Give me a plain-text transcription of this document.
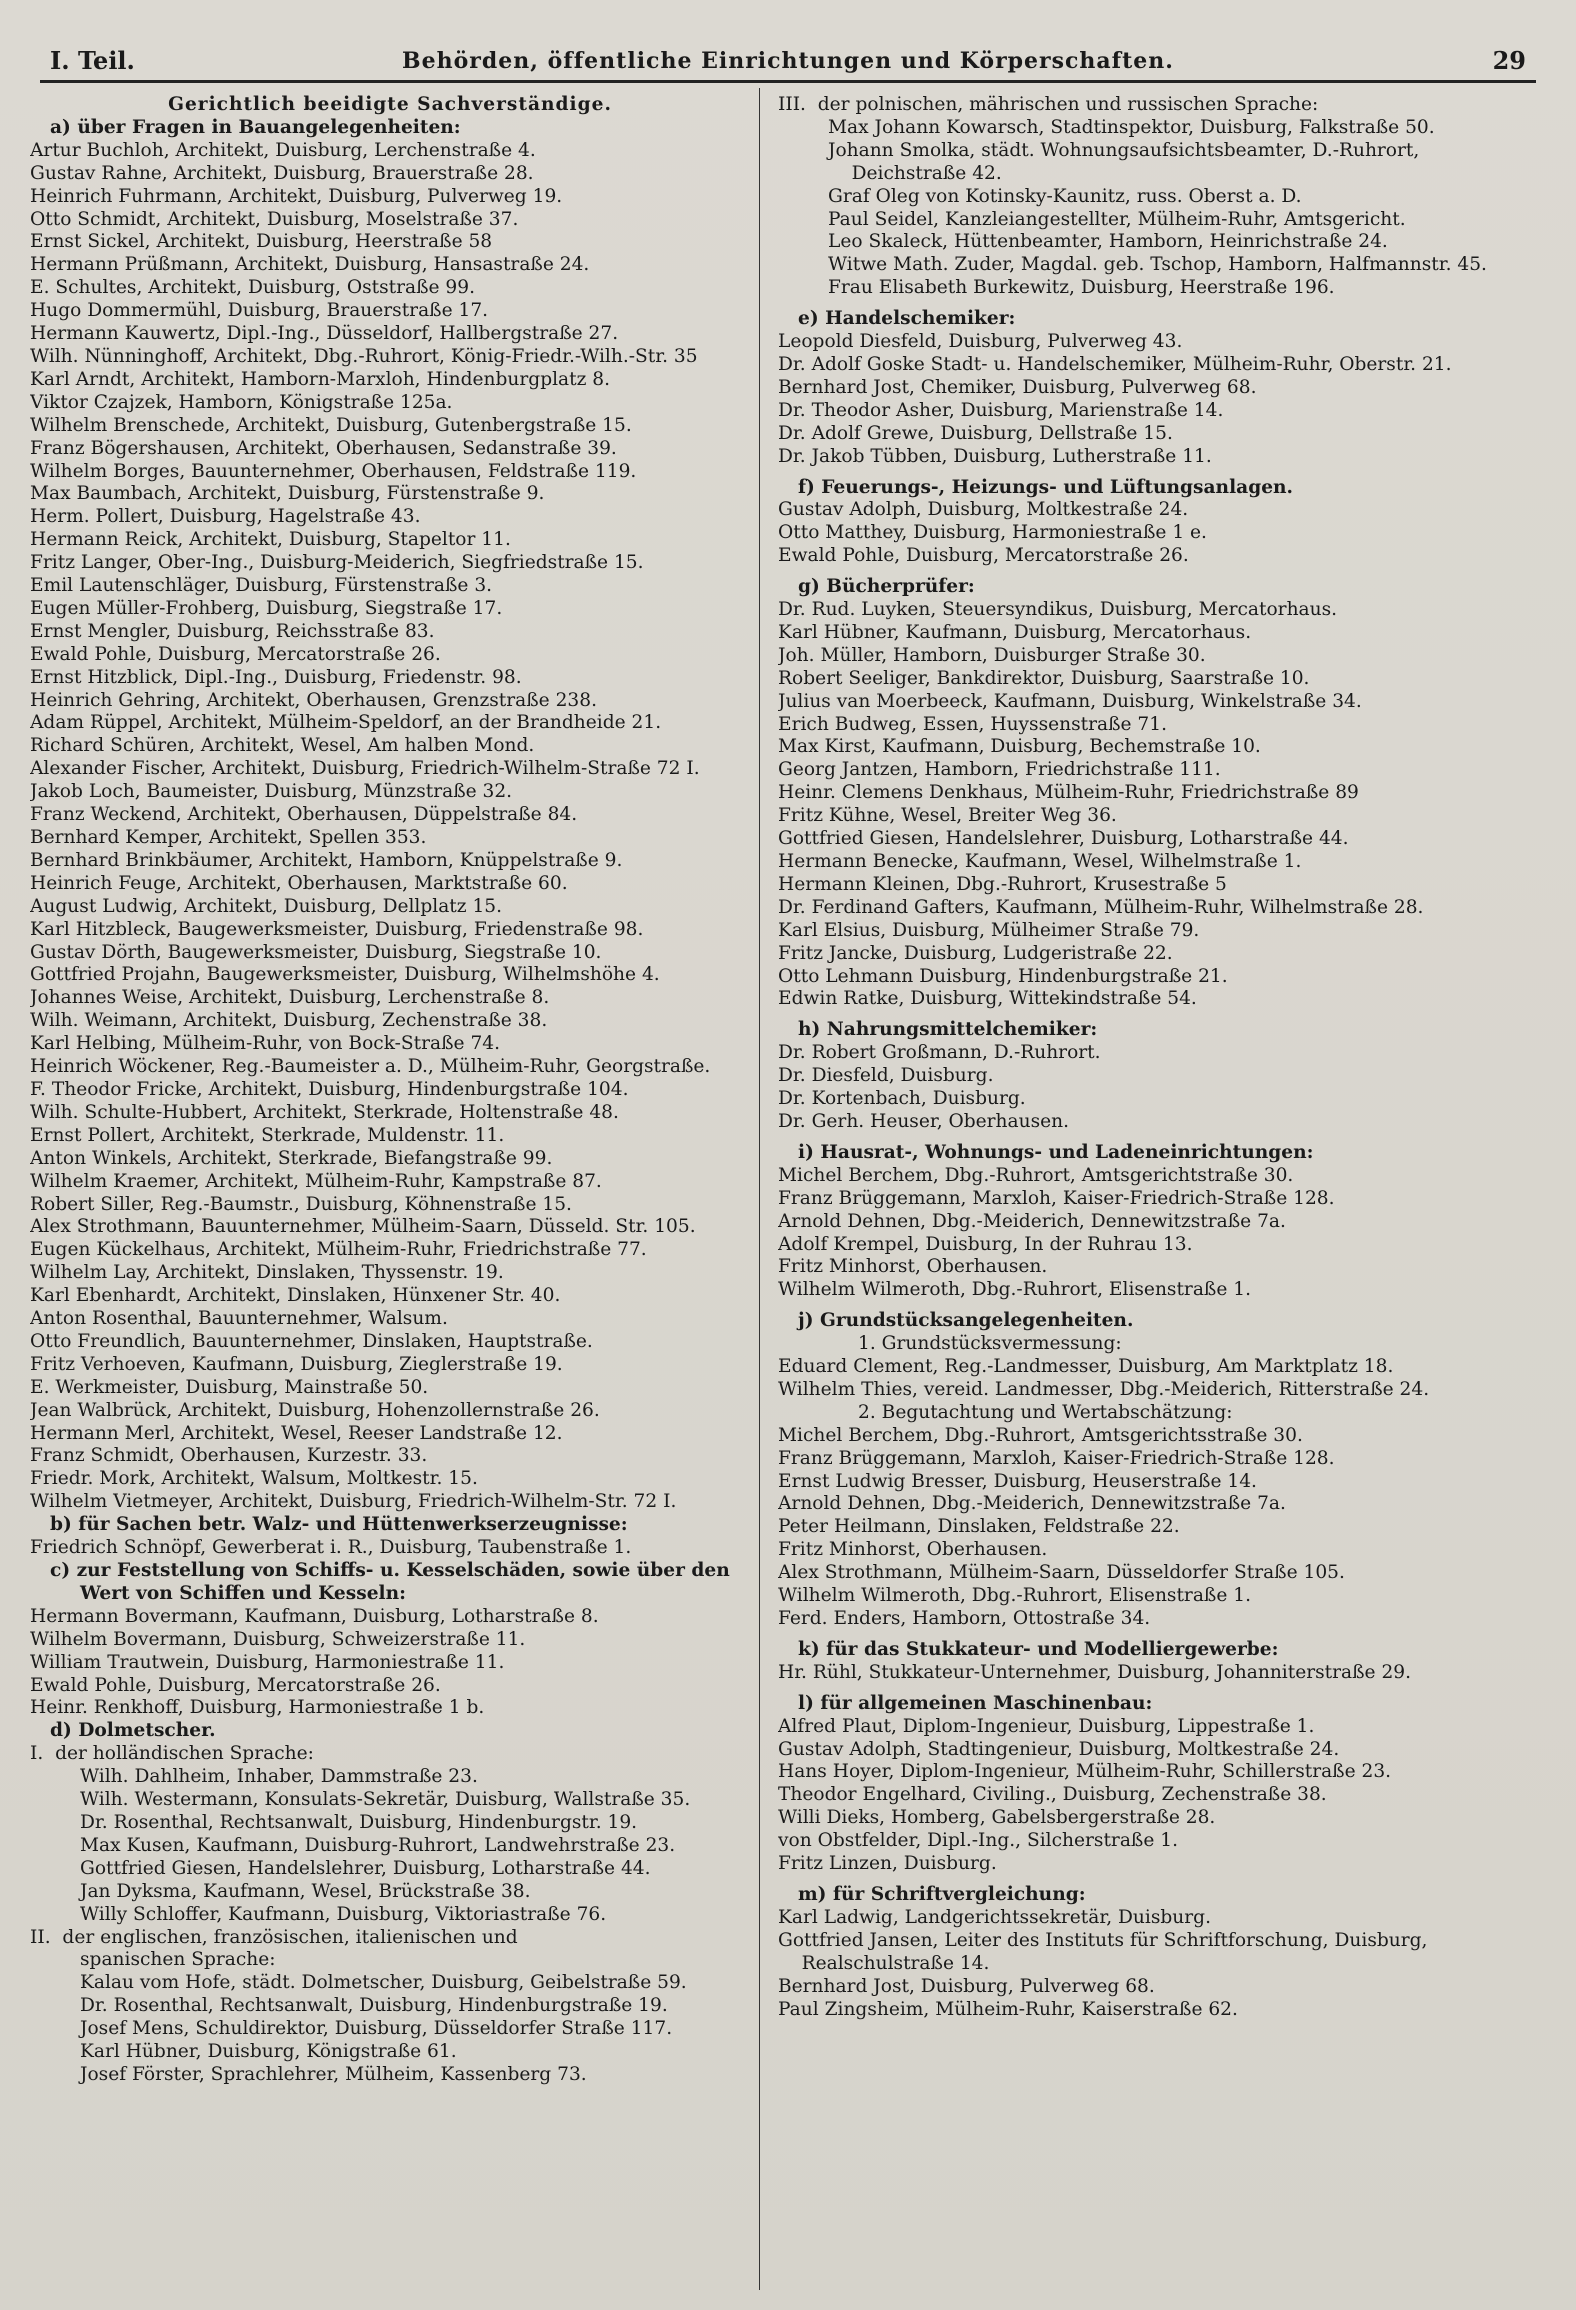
I. Teil.	Behörden, öffentliche Einrichtungen und Körperschaften.	29
Gerichtlich beeidigte Sachverständige.
a) über Fragen in Bauangelegenheiten:
Artur Buchloh, Architekt, Duisburg, Lerchenstraße 4.
Gustav Rahne, Architekt, Duisburg, Brauerstraße 28.
Heinrich Fuhrmann, Architekt, Duisburg, Pulverweg 19.
Otto Schmidt, Architekt, Duisburg, Moselstraße 37.
Ernst Sickel, Architekt, Duisburg, Heerstraße 58
Hermann Prüßmann, Architekt, Duisburg, Hansastraße 24.
E. Schultes, Architekt, Duisburg, Oststraße 99.
Hugo Dommermühl, Duisburg, Brauerstraße 17.
Hermann Kauwertz, Dipl.-Ing., Düsseldorf, Hallbergstraße 27.
Wilh. Nünninghoff, Architekt, Dbg.-Ruhrort, König-Friedr.-Wilh.-Str. 35
Karl Arndt, Architekt, Hamborn-Marxloh, Hindenburgplatz 8.
Viktor Czajzek, Hamborn, Königstraße 125a.
Wilhelm Brenschede, Architekt, Duisburg, Gutenbergstraße 15.
Franz Bögershausen, Architekt, Oberhausen, Sedanstraße 39.
Wilhelm Borges, Bauunternehmer, Oberhausen, Feldstraße 119.
Max Baumbach, Architekt, Duisburg, Fürstenstraße 9.
Herm. Pollert, Duisburg, Hagelstraße 43.
Hermann Reick, Architekt, Duisburg, Stapeltor 11.
Fritz Langer, Ober-Ing., Duisburg-Meiderich, Siegfriedstraße 15.
Emil Lautenschläger, Duisburg, Fürstenstraße 3.
Eugen Müller-Frohberg, Duisburg, Siegstraße 17.
Ernst Mengler, Duisburg, Reichsstraße 83.
Ewald Pohle, Duisburg, Mercatorstraße 26.
Ernst Hitzblick, Dipl.-Ing., Duisburg, Friedenstr. 98.
Heinrich Gehring, Architekt, Oberhausen, Grenzstraße 238.
Adam Rüppel, Architekt, Mülheim-Speldorf, an der Brandheide 21.
Richard Schüren, Architekt, Wesel, Am halben Mond.
Alexander Fischer, Architekt, Duisburg, Friedrich-Wilhelm-Straße 72 I.
Jakob Loch, Baumeister, Duisburg, Münzstraße 32.
Franz Weckend, Architekt, Oberhausen, Düppelstraße 84.
Bernhard Kemper, Architekt, Spellen 353.
Bernhard Brinkbäumer, Architekt, Hamborn, Knüppelstraße 9.
Heinrich Feuge, Architekt, Oberhausen, Marktstraße 60.
August Ludwig, Architekt, Duisburg, Dellplatz 15.
Karl Hitzbleck, Baugewerksmeister, Duisburg, Friedenstraße 98.
Gustav Dörth, Baugewerksmeister, Duisburg, Siegstraße 10.
Gottfried Projahn, Baugewerksmeister, Duisburg, Wilhelmshöhe 4.
Johannes Weise, Architekt, Duisburg, Lerchenstraße 8.
Wilh. Weimann, Architekt, Duisburg, Zechenstraße 38.
Karl Helbing, Mülheim-Ruhr, von Bock-Straße 74.
Heinrich Wöckener, Reg.-Baumeister a. D., Mülheim-Ruhr, Georgstraße.
F. Theodor Fricke, Architekt, Duisburg, Hindenburgstraße 104.
Wilh. Schulte-Hubbert, Architekt, Sterkrade, Holtenstraße 48.
Ernst Pollert, Architekt, Sterkrade, Muldenstr. 11.
Anton Winkels, Architekt, Sterkrade, Biefangstraße 99.
Wilhelm Kraemer, Architekt, Mülheim-Ruhr, Kampstraße 87.
Robert Siller, Reg.-Baumstr., Duisburg, Köhnenstraße 15.
Alex Strothmann, Bauunternehmer, Mülheim-Saarn, Düsseld. Str. 105.
Eugen Kückelhaus, Architekt, Mülheim-Ruhr, Friedrichstraße 77.
Wilhelm Lay, Architekt, Dinslaken, Thyssenstr. 19.
Karl Ebenhardt, Architekt, Dinslaken, Hünxener Str. 40.
Anton Rosenthal, Bauunternehmer, Walsum.
Otto Freundlich, Bauunternehmer, Dinslaken, Hauptstraße.
Fritz Verhoeven, Kaufmann, Duisburg, Zieglerstraße 19.
E. Werkmeister, Duisburg, Mainstraße 50.
Jean Walbrück, Architekt, Duisburg, Hohenzollernstraße 26.
Hermann Merl, Architekt, Wesel, Reeser Landstraße 12.
Franz Schmidt, Oberhausen, Kurzestr. 33.
Friedr. Mork, Architekt, Walsum, Moltkestr. 15.
Wilhelm Vietmeyer, Architekt, Duisburg, Friedrich-Wilhelm-Str. 72 I.
b) für Sachen betr. Walz- und Hüttenwerkserzeugnisse:
Friedrich Schnöpf, Gewerberat i. R., Duisburg, Taubenstraße 1.
c) zur Feststellung von Schiffs- u. Kesselschäden, sowie über den
Wert von Schiffen und Kesseln:
Hermann Bovermann, Kaufmann, Duisburg, Lotharstraße 8.
Wilhelm Bovermann, Duisburg, Schweizerstraße 11.
William Trautwein, Duisburg, Harmoniestraße 11.
Ewald Pohle, Duisburg, Mercatorstraße 26.
Heinr. Renkhoff, Duisburg, Harmoniestraße 1 b.
d) Dolmetscher.
I.  der holländischen Sprache:
Wilh. Dahlheim, Inhaber, Dammstraße 23.
Wilh. Westermann, Konsulats-Sekretär, Duisburg, Wallstraße 35.
Dr. Rosenthal, Rechtsanwalt, Duisburg, Hindenburgstr. 19.
Max Kusen, Kaufmann, Duisburg-Ruhrort, Landwehrstraße 23.
Gottfried Giesen, Handelslehrer, Duisburg, Lotharstraße 44.
Jan Dyksma, Kaufmann, Wesel, Brückstraße 38.
Willy Schloffer, Kaufmann, Duisburg, Viktoriastraße 76.
II.  der englischen, französischen, italienischen und
spanischen Sprache:
Kalau vom Hofe, städt. Dolmetscher, Duisburg, Geibelstraße 59.
Dr. Rosenthal, Rechtsanwalt, Duisburg, Hindenburgstraße 19.
Josef Mens, Schuldirektor, Duisburg, Düsseldorfer Straße 117.
Karl Hübner, Duisburg, Königstraße 61.
Josef Förster, Sprachlehrer, Mülheim, Kassenberg 73.
III.  der polnischen, mährischen und russischen Sprache:
Max Johann Kowarsch, Stadtinspektor, Duisburg, Falkstraße 50.
Johann Smolka, städt. Wohnungsaufsichtsbeamter, D.-Ruhrort,
Deichstraße 42.
Graf Oleg von Kotinsky-Kaunitz, russ. Oberst a. D.
Paul Seidel, Kanzleiangestellter, Mülheim-Ruhr, Amtsgericht.
Leo Skaleck, Hüttenbeamter, Hamborn, Heinrichstraße 24.
Witwe Math. Zuder, Magdal. geb. Tschop, Hamborn, Halfmannstr. 45.
Frau Elisabeth Burkewitz, Duisburg, Heerstraße 196.
e) Handelschemiker:
Leopold Diesfeld, Duisburg, Pulverweg 43.
Dr. Adolf Goske Stadt- u. Handelschemiker, Mülheim-Ruhr, Oberstr. 21.
Bernhard Jost, Chemiker, Duisburg, Pulverweg 68.
Dr. Theodor Asher, Duisburg, Marienstraße 14.
Dr. Adolf Grewe, Duisburg, Dellstraße 15.
Dr. Jakob Tübben, Duisburg, Lutherstraße 11.
f) Feuerungs-, Heizungs- und Lüftungsanlagen.
Gustav Adolph, Duisburg, Moltkestraße 24.
Otto Matthey, Duisburg, Harmoniestraße 1 e.
Ewald Pohle, Duisburg, Mercatorstraße 26.
g) Bücherprüfer:
Dr. Rud. Luyken, Steuersyndikus, Duisburg, Mercatorhaus.
Karl Hübner, Kaufmann, Duisburg, Mercatorhaus.
Joh. Müller, Hamborn, Duisburger Straße 30.
Robert Seeliger, Bankdirektor, Duisburg, Saarstraße 10.
Julius van Moerbeeck, Kaufmann, Duisburg, Winkelstraße 34.
Erich Budweg, Essen, Huyssenstraße 71.
Max Kirst, Kaufmann, Duisburg, Bechemstraße 10.
Georg Jantzen, Hamborn, Friedrichstraße 111.
Heinr. Clemens Denkhaus, Mülheim-Ruhr, Friedrichstraße 89
Fritz Kühne, Wesel, Breiter Weg 36.
Gottfried Giesen, Handelslehrer, Duisburg, Lotharstraße 44.
Hermann Benecke, Kaufmann, Wesel, Wilhelmstraße 1.
Hermann Kleinen, Dbg.-Ruhrort, Krusestraße 5
Dr. Ferdinand Gafters, Kaufmann, Mülheim-Ruhr, Wilhelmstraße 28.
Karl Elsius, Duisburg, Mülheimer Straße 79.
Fritz Jancke, Duisburg, Ludgeristraße 22.
Otto Lehmann Duisburg, Hindenburgstraße 21.
Edwin Ratke, Duisburg, Wittekindstraße 54.
h) Nahrungsmittelchemiker:
Dr. Robert Großmann, D.-Ruhrort.
Dr. Diesfeld, Duisburg.
Dr. Kortenbach, Duisburg.
Dr. Gerh. Heuser, Oberhausen.
i) Hausrat-, Wohnungs- und Ladeneinrichtungen:
Michel Berchem, Dbg.-Ruhrort, Amtsgerichtstraße 30.
Franz Brüggemann, Marxloh, Kaiser-Friedrich-Straße 128.
Arnold Dehnen, Dbg.-Meiderich, Dennewitzstraße 7a.
Adolf Krempel, Duisburg, In der Ruhrau 13.
Fritz Minhorst, Oberhausen.
Wilhelm Wilmeroth, Dbg.-Ruhrort, Elisenstraße 1.
j) Grundstücksangelegenheiten.
1. Grundstücksvermessung:
Eduard Clement, Reg.-Landmesser, Duisburg, Am Marktplatz 18.
Wilhelm Thies, vereid. Landmesser, Dbg.-Meiderich, Ritterstraße 24.
2. Begutachtung und Wertabschätzung:
Michel Berchem, Dbg.-Ruhrort, Amtsgerichtsstraße 30.
Franz Brüggemann, Marxloh, Kaiser-Friedrich-Straße 128.
Ernst Ludwig Bresser, Duisburg, Heuserstraße 14.
Arnold Dehnen, Dbg.-Meiderich, Dennewitzstraße 7a.
Peter Heilmann, Dinslaken, Feldstraße 22.
Fritz Minhorst, Oberhausen.
Alex Strothmann, Mülheim-Saarn, Düsseldorfer Straße 105.
Wilhelm Wilmeroth, Dbg.-Ruhrort, Elisenstraße 1.
Ferd. Enders, Hamborn, Ottostraße 34.
k) für das Stukkateur- und Modelliergewerbe:
Hr. Rühl, Stukkateur-Unternehmer, Duisburg, Johanniterstraße 29.
l) für allgemeinen Maschinenbau:
Alfred Plaut, Diplom-Ingenieur, Duisburg, Lippestraße 1.
Gustav Adolph, Stadtingenieur, Duisburg, Moltkestraße 24.
Hans Hoyer, Diplom-Ingenieur, Mülheim-Ruhr, Schillerstraße 23.
Theodor Engelhard, Civiling., Duisburg, Zechenstraße 38.
Willi Dieks, Homberg, Gabelsbergerstraße 28.
von Obstfelder, Dipl.-Ing., Silcherstraße 1.
Fritz Linzen, Duisburg.
m) für Schriftvergleichung:
Karl Ladwig, Landgerichtssekretär, Duisburg.
Gottfried Jansen, Leiter des Instituts für Schriftforschung, Duisburg,
Realschulstraße 14.
Bernhard Jost, Duisburg, Pulverweg 68.
Paul Zingsheim, Mülheim-Ruhr, Kaiserstraße 62.
